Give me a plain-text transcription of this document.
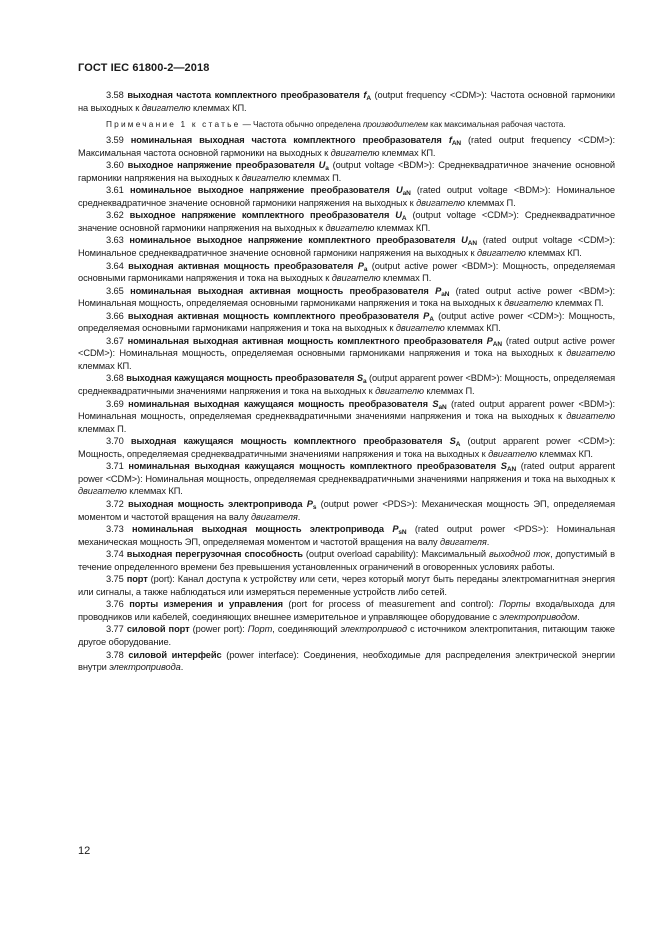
ГОСТ IEC 61800-2—2018

3.58 выходная частота комплектного преобразователя $f_A$ (output frequency <CDM>): Частота основной гармоники на выходных к двигателю клеммах КП.

Примечание 1 к статье — Частота обычно определена производителем как максимальная рабочая частота.

3.59 номинальная выходная частота комплектного преобразователя $f_{AN}$ (rated output frequency <CDM>): Максимальная частота основной гармоники на выходных к двигателю клеммах КП.

3.60 выходное напряжение преобразователя $U_a$ (output voltage <BDM>): Среднеквадратичное значение основной гармоники напряжения на выходных к двигателю клеммах П.

3.61 номинальное выходное напряжение преобразователя $U_{aN}$ (rated output voltage <BDM>): Номинальное среднеквадратичное значение основной гармоники напряжения на выходных к двигателю клеммах П.

3.62 выходное напряжение комплектного преобразователя $U_A$ (output voltage <CDM>): Среднеквадратичное значение основной гармоники напряжения на выходных к двигателю клеммах КП.

3.63 номинальное выходное напряжение комплектного преобразователя $U_{AN}$ (rated output voltage <CDM>): Номинальное среднеквадратичное значение основной гармоники напряжения на выходных к двигателю клеммах КП.

3.64 выходная активная мощность преобразователя $P_a$ (output active power <BDM>): Мощность, определяемая основными гармониками напряжения и тока на выходных к двигателю клеммах П.

3.65 номинальная выходная активная мощность преобразователя $P_{aN}$ (rated output active power <BDM>): Номинальная мощность, определяемая основными гармониками напряжения и тока на выходных к двигателю клеммах П.

3.66 выходная активная мощность комплектного преобразователя $P_A$ (output active power <CDM>): Мощность, определяемая основными гармониками напряжения и тока на выходных к двигателю клеммах КП.

3.67 номинальная выходная активная мощность комплектного преобразователя $P_{AN}$ (rated output active power <CDM>): Номинальная мощность, определяемая основными гармониками напряжения и тока на выходных к двигателю клеммах КП.

3.68 выходная кажущаяся мощность преобразователя $S_a$ (output apparent power <BDM>): Мощность, определяемая среднеквадратичными значениями напряжения и тока на выходных к двигателю клеммах П.

3.69 номинальная выходная кажущаяся мощность преобразователя $S_{aN}$ (rated output apparent power <BDM>): Номинальная мощность, определяемая среднеквадратичными значениями напряжения и тока на выходных к двигателю клеммах П.

3.70 выходная кажущаяся мощность комплектного преобразователя $S_A$ (output apparent power <CDM>): Мощность, определяемая среднеквадратичными значениями напряжения и тока на выходных к двигателю клеммах КП.

3.71 номинальная выходная кажущаяся мощность комплектного преобразователя $S_{AN}$ (rated output apparent power <CDM>): Номинальная мощность, определяемая среднеквадратичными значениями напряжения и тока на выходных к двигателю клеммах КП.

3.72 выходная мощность электропривода $P_s$ (output power <PDS>): Механическая мощность ЭП, определяемая моментом и частотой вращения на валу двигателя.

3.73 номинальная выходная мощность электропривода $P_{sN}$ (rated output power <PDS>): Номинальная механическая мощность ЭП, определяемая моментом и частотой вращения на валу двигателя.

3.74 выходная перегрузочная способность (output overload capability): Максимальный выходной ток, допустимый в течение определенного времени без превышения установленных ограничений в оговоренных условиях работы.

3.75 порт (port): Канал доступа к устройству или сети, через который могут быть переданы электромагнитная энергия или сигналы, а также наблюдаться или измеряться переменные устройств либо сетей.

3.76 порты измерения и управления (port for process of measurement and control): Порты входа/выхода для проводников или кабелей, соединяющих внешнее измерительное и управляющее оборудование с электроприводом.

3.77 силовой порт (power port): Порт, соединяющий электропривод с источником электропитания, питающим также другое оборудование.

3.78 силовой интерфейс (power interface): Соединения, необходимые для распределения электрической энергии внутри электропривода.

12
